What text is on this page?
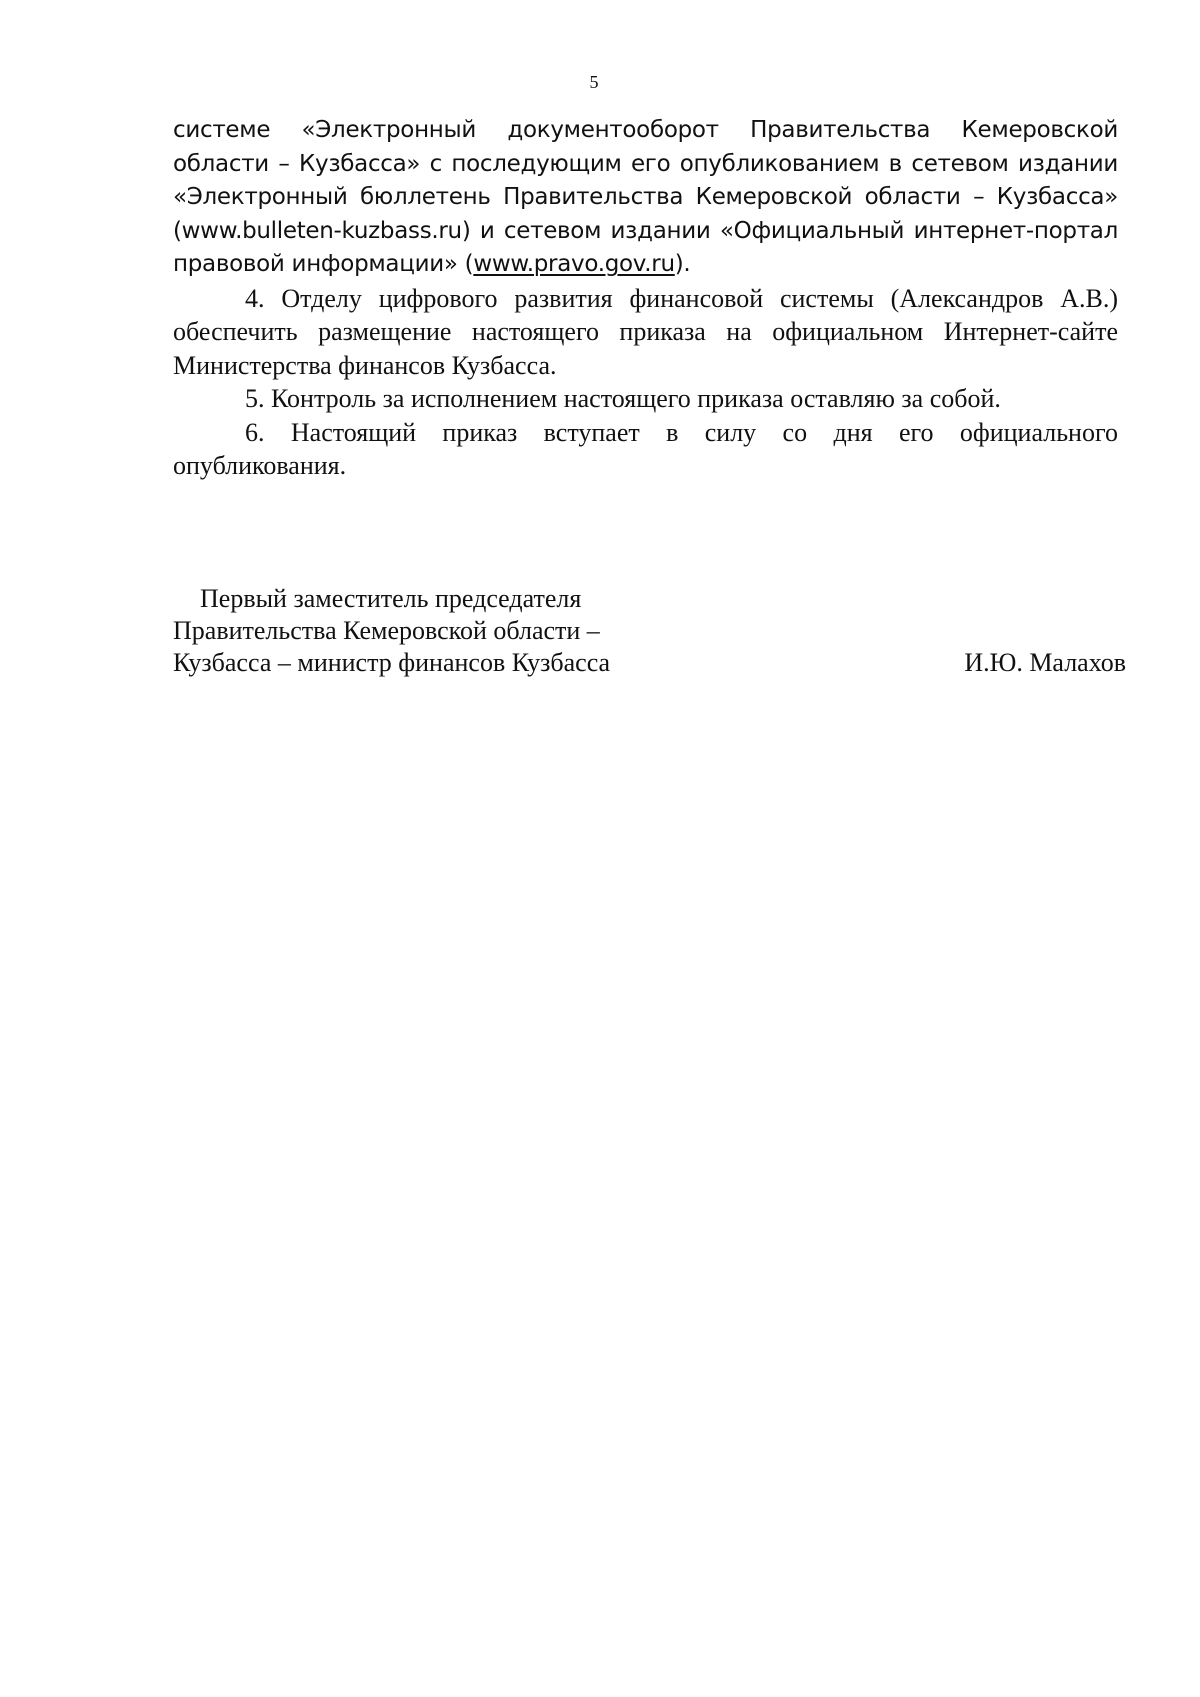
5

системе «Электронный документооборот Правительства Кемеровской области – Кузбасса» с последующим его опубликованием в сетевом издании «Электронный бюллетень Правительства Кемеровской области – Кузбасса» (www.bulleten-kuzbass.ru) и сетевом издании «Официальный интернет-портал правовой информации» (www.pravo.gov.ru).

4. Отделу цифрового развития финансовой системы (Александров А.В.) обеспечить размещение настоящего приказа на официальном Интернет-сайте Министерства финансов Кузбасса.

5. Контроль за исполнением настоящего приказа оставляю за собой.

6. Настоящий приказ вступает в силу со дня его официального опубликования.

Первый заместитель председателя
Правительства Кемеровской области –
Кузбасса – министр финансов Кузбасса	И.Ю. Малахов
